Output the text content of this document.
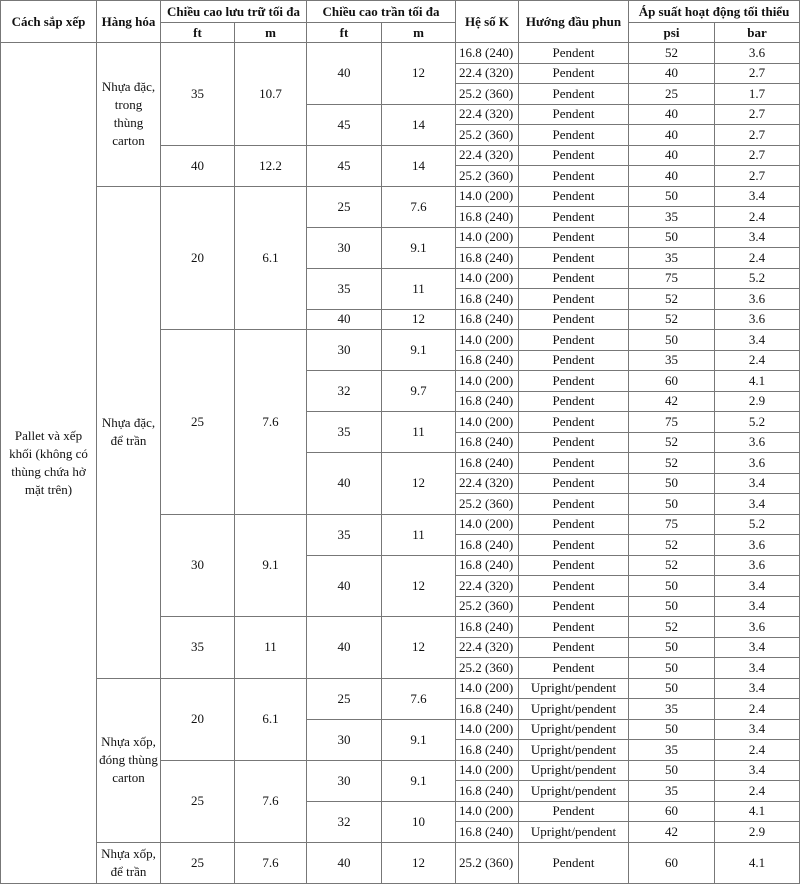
Cách sắp xếp	Hàng hóa	Chiều cao lưu trữ tối đa		Chiều cao trần tối đa		Hệ số K	Hướng đầu phun	Áp suất hoạt động tối thiểu	
		ft	m	ft	m			psi	bar
Pallet và xếp khối (không có thùng chứa hở mặt trên)	Nhựa đặc, trong thùng carton	35	10.7	40	12	16.8 (240)	Pendent	52	3.6
						22.4 (320)	Pendent	40	2.7
						25.2 (360)	Pendent	25	1.7
				45	14	22.4 (320)	Pendent	40	2.7
						25.2 (360)	Pendent	40	2.7
		40	12.2	45	14	22.4 (320)	Pendent	40	2.7
						25.2 (360)	Pendent	40	2.7
	Nhựa đặc, để trần	20	6.1	25	7.6	14.0 (200)	Pendent	50	3.4
						16.8 (240)	Pendent	35	2.4
				30	9.1	14.0 (200)	Pendent	50	3.4
						16.8 (240)	Pendent	35	2.4
				35	11	14.0 (200)	Pendent	75	5.2
						16.8 (240)	Pendent	52	3.6
				40	12	16.8 (240)	Pendent	52	3.6
		25	7.6	30	9.1	14.0 (200)	Pendent	50	3.4
						16.8 (240)	Pendent	35	2.4
				32	9.7	14.0 (200)	Pendent	60	4.1
						16.8 (240)	Pendent	42	2.9
				35	11	14.0 (200)	Pendent	75	5.2
						16.8 (240)	Pendent	52	3.6
				40	12	16.8 (240)	Pendent	52	3.6
						22.4 (320)	Pendent	50	3.4
						25.2 (360)	Pendent	50	3.4
		30	9.1	35	11	14.0 (200)	Pendent	75	5.2
						16.8 (240)	Pendent	52	3.6
				40	12	16.8 (240)	Pendent	52	3.6
						22.4 (320)	Pendent	50	3.4
						25.2 (360)	Pendent	50	3.4
		35	11	40	12	16.8 (240)	Pendent	52	3.6
						22.4 (320)	Pendent	50	3.4
						25.2 (360)	Pendent	50	3.4
	Nhựa xốp, đóng thùng carton	20	6.1	25	7.6	14.0 (200)	Upright/pendent	50	3.4
						16.8 (240)	Upright/pendent	35	2.4
				30	9.1	14.0 (200)	Upright/pendent	50	3.4
						16.8 (240)	Upright/pendent	35	2.4
		25	7.6	30	9.1	14.0 (200)	Upright/pendent	50	3.4
						16.8 (240)	Upright/pendent	35	2.4
				32	10	14.0 (200)	Pendent	60	4.1
						16.8 (240)	Upright/pendent	42	2.9
	Nhựa xốp, để trần	25	7.6	40	12	25.2 (360)	Pendent	60	4.1
